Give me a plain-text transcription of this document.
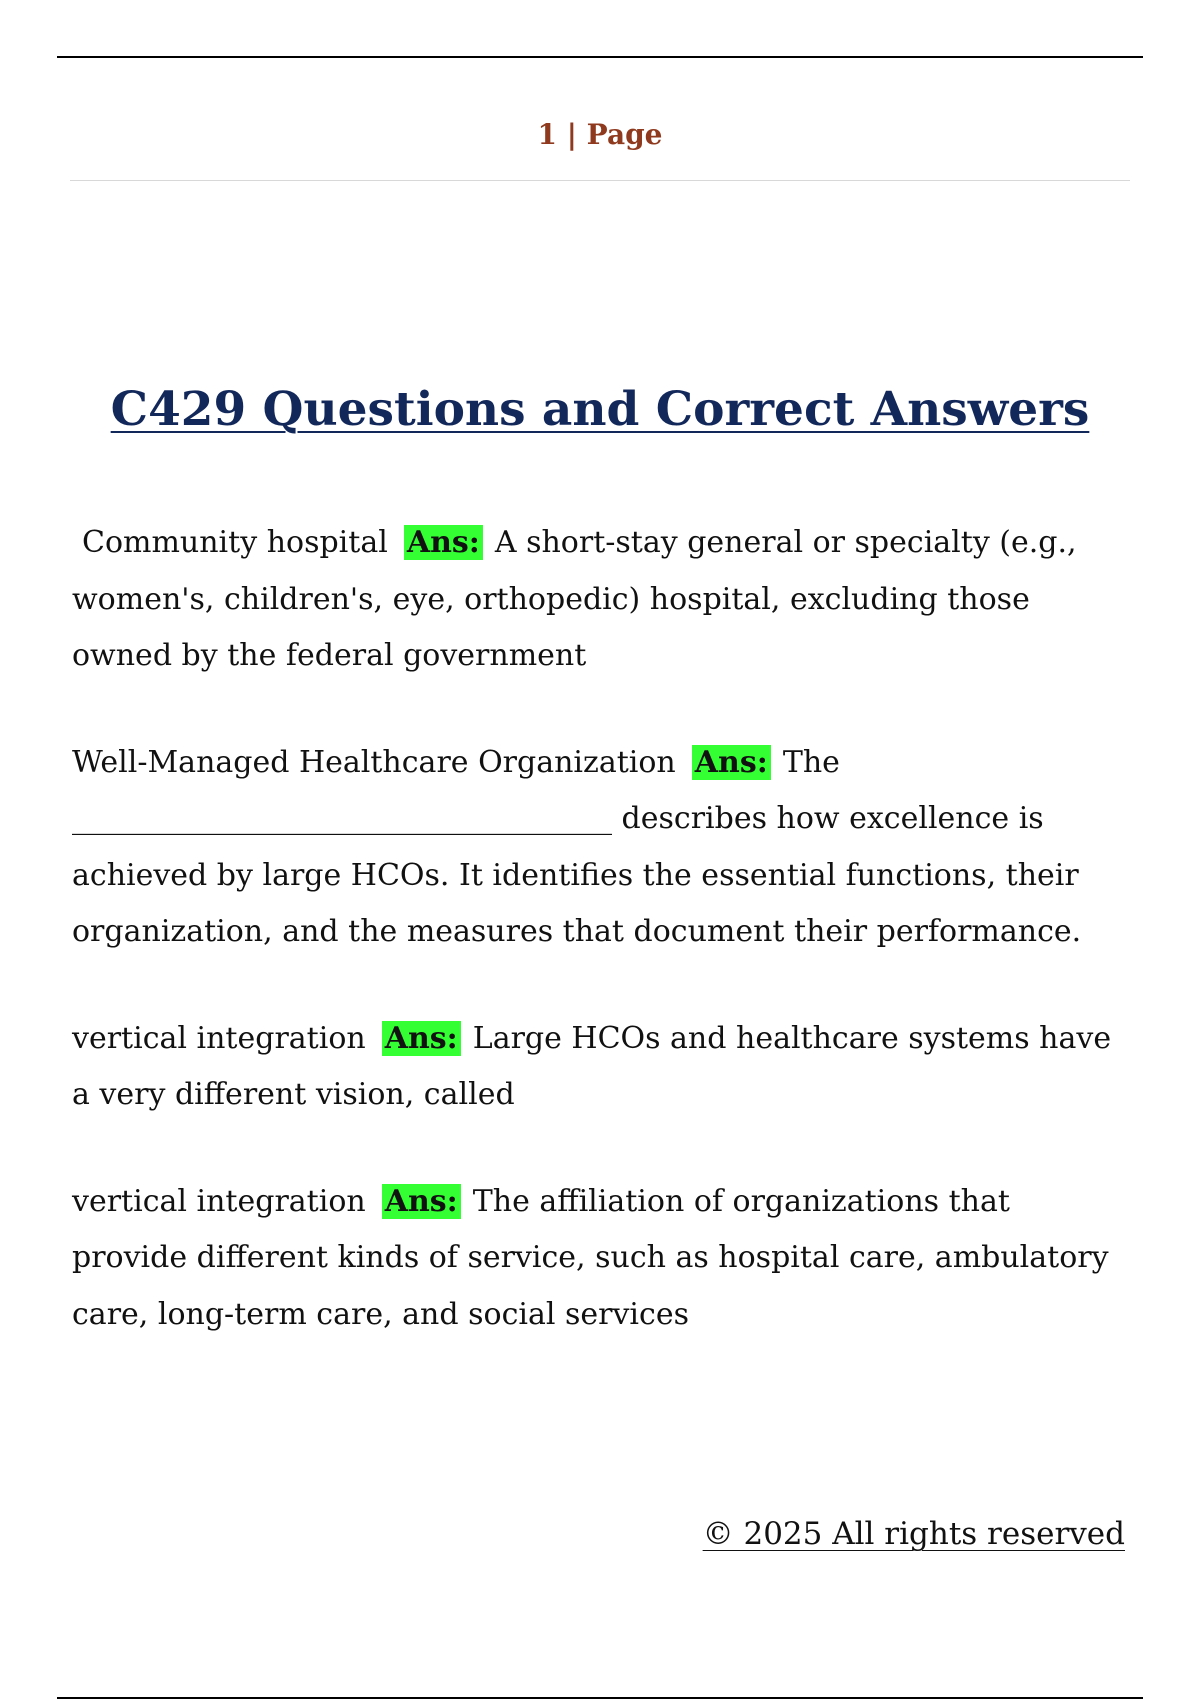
1 | Page
C429 Questions and Correct Answers

Community hospital Ans: A short-stay general or specialty (e.g., women's, children's, eye, orthopedic) hospital, excluding those owned by the federal government

Well-Managed Healthcare Organization Ans: The ____________________________________ describes how excellence is achieved by large HCOs. It identifies the essential functions, their organization, and the measures that document their performance.

vertical integration Ans: Large HCOs and healthcare systems have a very different vision, called

vertical integration Ans: The affiliation of organizations that provide different kinds of service, such as hospital care, ambulatory care, long-term care, and social services

© 2025 All rights reserved
